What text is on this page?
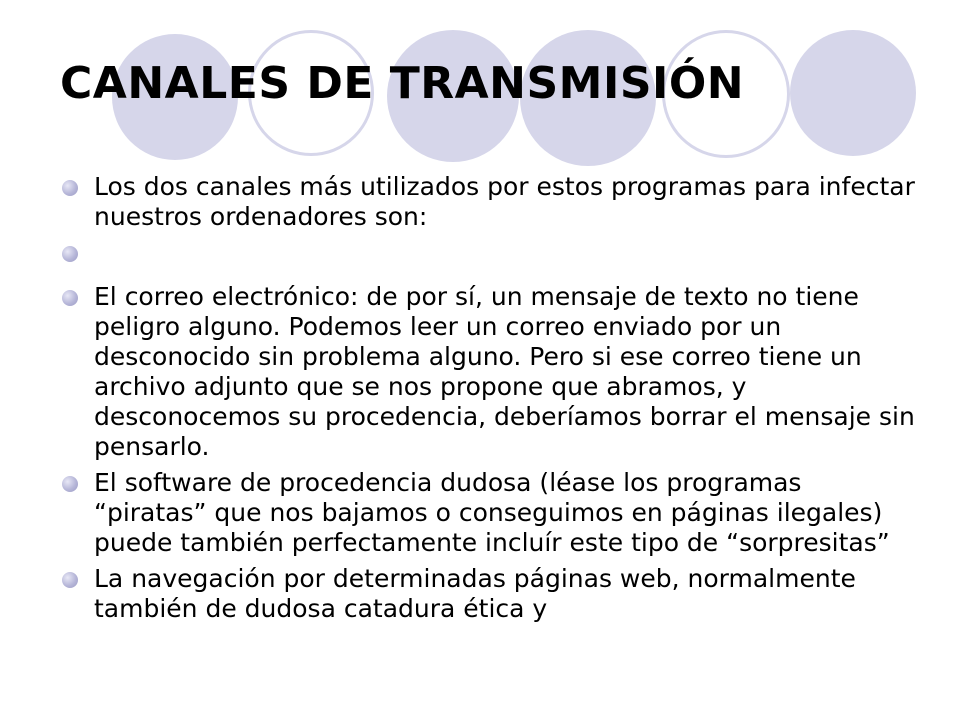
CANALES DE TRANSMISIÓN
Los dos canales más utilizados por estos programas para infectar nuestros ordenadores son:
El correo electrónico: de por sí, un mensaje de texto no tiene peligro alguno. Podemos leer un correo enviado por un desconocido sin problema alguno. Pero si ese correo tiene un archivo adjunto que se nos propone que abramos, y desconocemos su procedencia, deberíamos borrar el mensaje sin pensarlo.
El software de procedencia dudosa (léase los programas “piratas” que nos bajamos o conseguimos en páginas ilegales) puede también perfectamente incluír este tipo de “sorpresitas”
La navegación por determinadas páginas web, normalmente también de dudosa catadura ética y
